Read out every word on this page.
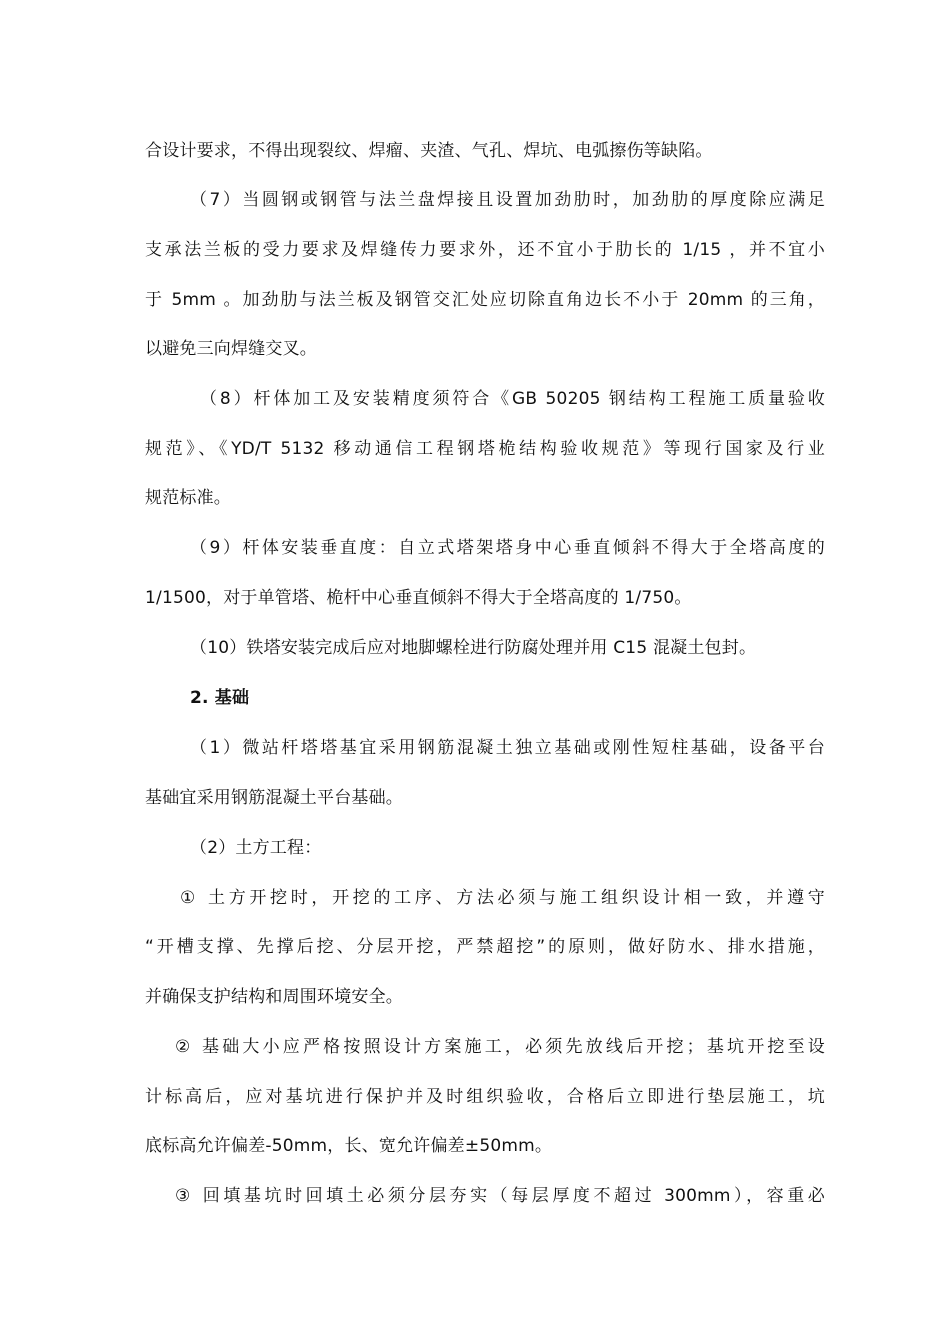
合设计要求，不得出现裂纹、焊瘤、夹渣、气孔、焊坑、电弧擦伤等缺陷。
（7）当圆钢或钢管与法兰盘焊接且设置加劲肋时，加劲肋的厚度除应满足
支承法兰板的受力要求及焊缝传力要求外，还不宜小于肋长的 1/15 ，并不宜小
于 5mm 。加劲肋与法兰板及钢管交汇处应切除直角边长不小于 20mm 的三角，
以避免三向焊缝交叉。
（8）杆体加工及安装精度须符合《GB 50205 钢结构工程施工质量验收
规范》、《YD/T 5132 移动通信工程钢塔桅结构验收规范》等现行国家及行业
规范标准。
（9）杆体安装垂直度：自立式塔架塔身中心垂直倾斜不得大于全塔高度的
1/1500，对于单管塔、桅杆中心垂直倾斜不得大于全塔高度的 1/750。
（10）铁塔安装完成后应对地脚螺栓进行防腐处理并用 C15 混凝土包封。
2. 基础
（1）微站杆塔塔基宜采用钢筋混凝土独立基础或刚性短柱基础，设备平台
基础宜采用钢筋混凝土平台基础。
（2）土方工程：
① 土方开挖时，开挖的工序、方法必须与施工组织设计相一致，并遵守
“开槽支撑、先撑后挖、分层开挖，严禁超挖”的原则，做好防水、排水措施，
并确保支护结构和周围环境安全。
② 基础大小应严格按照设计方案施工，必须先放线后开挖；基坑开挖至设
计标高后，应对基坑进行保护并及时组织验收，合格后立即进行垫层施工，坑
底标高允许偏差-50mm，长、宽允许偏差±50mm。
③ 回填基坑时回填土必须分层夯实（每层厚度不超过 300mm），容重必
